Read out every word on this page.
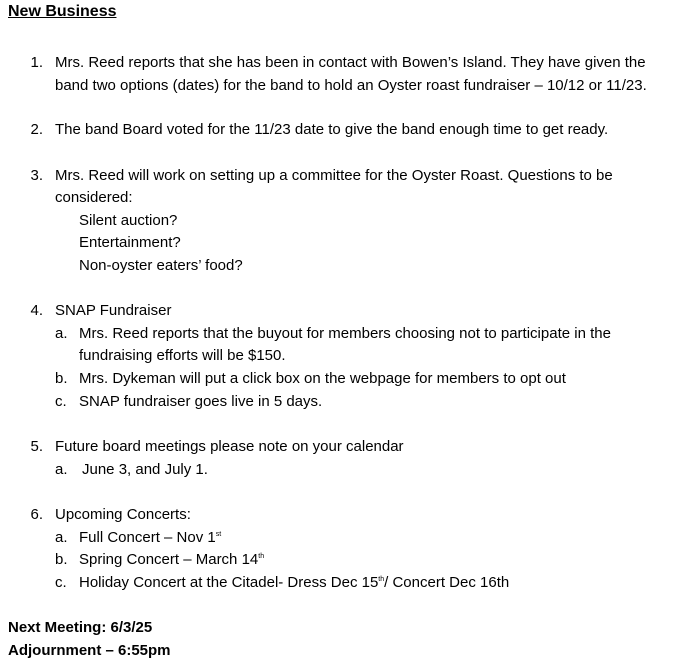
New Business
1. Mrs. Reed reports that she has been in contact with Bowen’s Island. They have given the
band two options (dates) for the band to hold an Oyster roast fundraiser – 10/12 or 11/23.
2. The band Board voted for the 11/23 date to give the band enough time to get ready.
3. Mrs. Reed will work on setting up a committee for the Oyster Roast. Questions to be
considered:
Silent auction?
Entertainment?
Non-oyster eaters’ food?
4. SNAP Fundraiser
a. Mrs. Reed reports that the buyout for members choosing not to participate in the
fundraising efforts will be $150.
b. Mrs. Dykeman will put a click box on the webpage for members to opt out
c. SNAP fundraiser goes live in 5 days.
5. Future board meetings please note on your calendar
a. June 3, and July 1.
6. Upcoming Concerts:
a. Full Concert – Nov 1st
b. Spring Concert – March 14th
c. Holiday Concert at the Citadel- Dress Dec 15th/ Concert Dec 16th
Next Meeting: 6/3/25
Adjournment – 6:55pm
